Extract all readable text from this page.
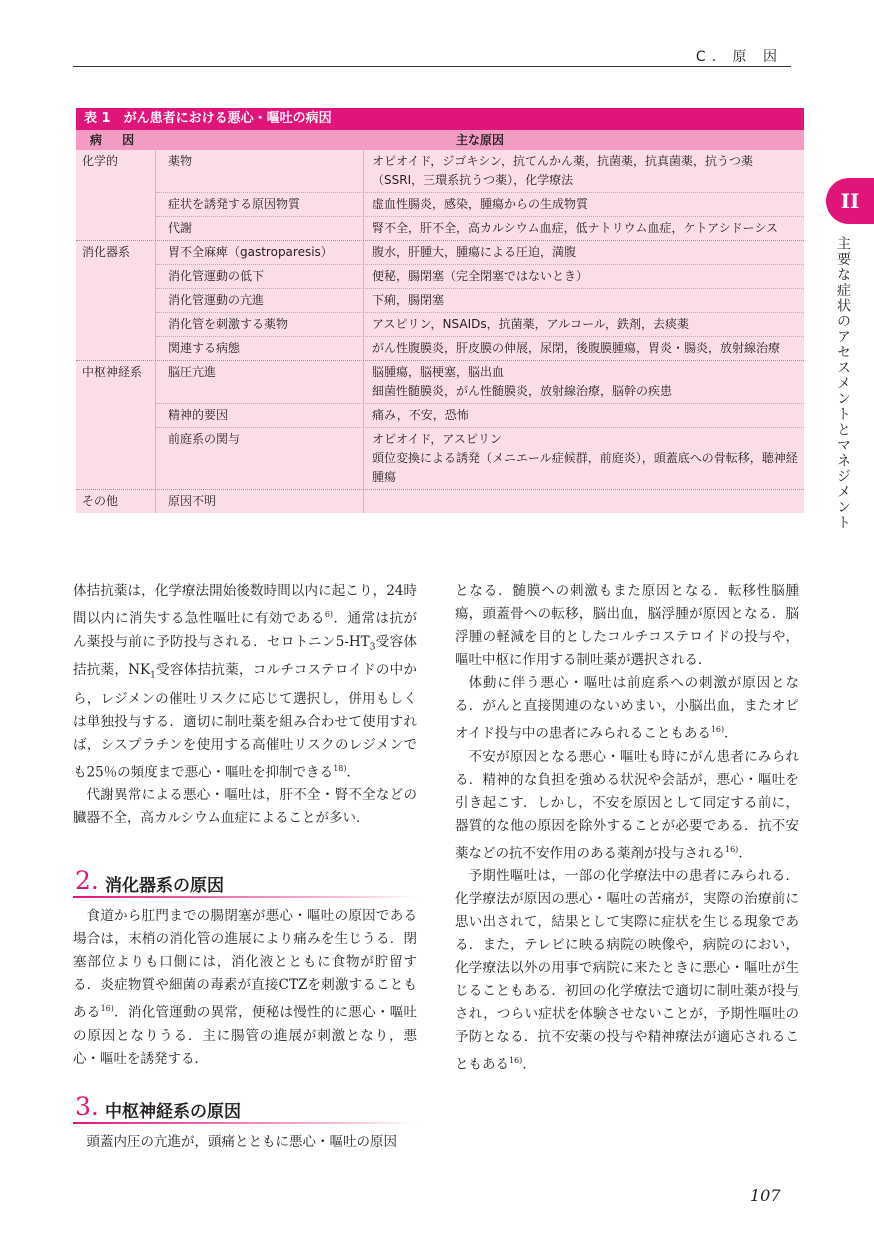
C. 原 因
II
主要な症状のアセスメントとマネジメント
表 1　がん患者における悪心・嘔吐の病因
病 因	主な原因
化学的	薬物	オピオイド，ジゴキシン，抗てんかん薬，抗菌薬，抗真菌薬，抗うつ薬（SSRI，三環系抗うつ薬），化学療法
症状を誘発する原因物質	虚血性腸炎，感染，腫瘍からの生成物質
代謝	腎不全，肝不全，高カルシウム血症，低ナトリウム血症，ケトアシドーシス
消化器系	胃不全麻痺（gastroparesis）	腹水，肝腫大，腫瘍による圧迫，満腹
消化管運動の低下	便秘，腸閉塞（完全閉塞ではないとき）
消化管運動の亢進	下痢，腸閉塞
消化管を刺激する薬物	アスピリン，NSAIDs，抗菌薬，アルコール，鉄剤，去痰薬
関連する病態	がん性腹膜炎，肝皮膜の伸展，尿閉，後腹膜腫瘍，胃炎・腸炎，放射線治療
中枢神経系	脳圧亢進	脳腫瘍，脳梗塞，脳出血
細菌性髄膜炎，がん性髄膜炎，放射線治療，脳幹の疾患
精神的要因	痛み，不安，恐怖
前庭系の関与	オピオイド，アスピリン
頭位変換による誘発（メニエール症候群，前庭炎），頭蓋底への骨転移，聴神経腫瘍
その他	原因不明

体拮抗薬は，化学療法開始後数時間以内に起こり，24時間以内に消失する急性嘔吐に有効である$^{6)}$．通常は抗がん薬投与前に予防投与される．セロトニン$5-HT_3$受容体拮抗薬，$NK_1$受容体拮抗薬，コルチコステロイドの中から，レジメンの催吐リスクに応じて選択し，併用もしくは単独投与する．適切に制吐薬を組み合わせて使用すれば，シスプラチンを使用する高催吐リスクのレジメンでも25％の頻度まで悪心・嘔吐を抑制できる$^{18)}$．

代謝異常による悪心・嘔吐は，肝不全・腎不全などの臓器不全，高カルシウム血症によることが多い．

2. 消化器系の原因

食道から肛門までの腸閉塞が悪心・嘔吐の原因である場合は，末梢の消化管の進展により痛みを生じうる．閉塞部位よりも口側には，消化液とともに食物が貯留する．炎症物質や細菌の毒素が直接CTZを刺激することもある$^{16)}$．消化管運動の異常，便秘は慢性的に悪心・嘔吐の原因となりうる．主に腸管の進展が刺激となり，悪心・嘔吐を誘発する．

3. 中枢神経系の原因

頭蓋内圧の亢進が，頭痛とともに悪心・嘔吐の原因

となる．髄膜への刺激もまた原因となる．転移性脳腫瘍，頭蓋骨への転移，脳出血，脳浮腫が原因となる．脳浮腫の軽減を目的としたコルチコステロイドの投与や，嘔吐中枢に作用する制吐薬が選択される．

体動に伴う悪心・嘔吐は前庭系への刺激が原因となる．がんと直接関連のないめまい，小脳出血，またオピオイド投与中の患者にみられることもある$^{16)}$．

不安が原因となる悪心・嘔吐も時にがん患者にみられる．精神的な負担を強める状況や会話が，悪心・嘔吐を引き起こす．しかし，不安を原因として同定する前に，器質的な他の原因を除外することが必要である．抗不安薬などの抗不安作用のある薬剤が投与される$^{16)}$．

予期性嘔吐は，一部の化学療法中の患者にみられる．化学療法が原因の悪心・嘔吐の苦痛が，実際の治療前に思い出されて，結果として実際に症状を生じる現象である．また，テレビに映る病院の映像や，病院のにおい，化学療法以外の用事で病院に来たときに悪心・嘔吐が生じることもある．初回の化学療法で適切に制吐薬が投与され，つらい症状を体験させないことが，予期性嘔吐の予防となる．抗不安薬の投与や精神療法が適応されることもある$^{16)}$．

107
